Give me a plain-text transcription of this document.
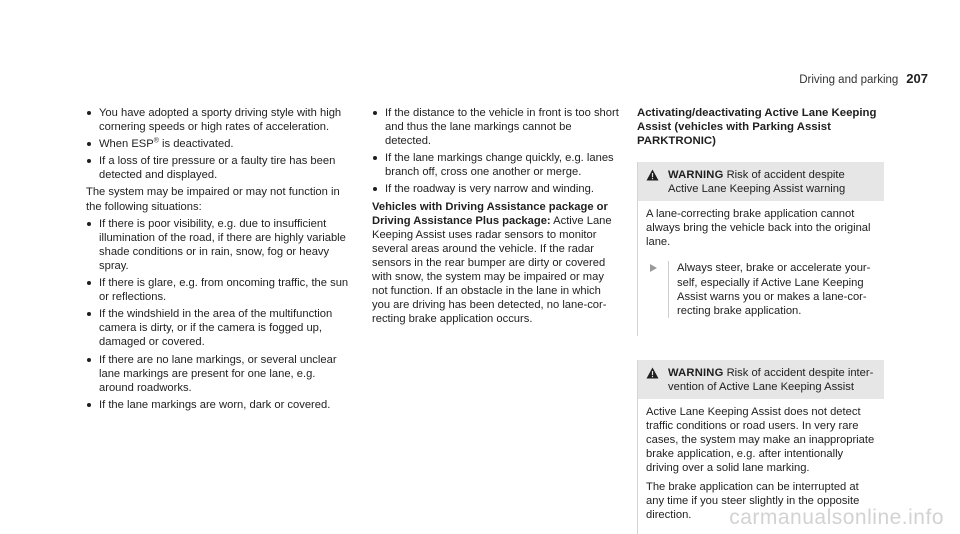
Driving and parking 207
You have adopted a sporty driving style with high cornering speeds or high rates of acceleration.
When ESP® is deactivated.
If a loss of tire pressure or a faulty tire has been detected and displayed.

The system may be impaired or may not function in the following situations:

If there is poor visibility, e.g. due to insufficient illumination of the road, if there are highly variable shade conditions or in rain, snow, fog or heavy spray.
If there is glare, e.g. from oncoming traffic, the sun or reflections.
If the windshield in the area of the multifunction camera is dirty, or if the camera is fogged up, damaged or covered.
If there are no lane markings, or several unclear lane markings are present for one lane, e.g. around roadworks.
If the lane markings are worn, dark or covered.
If the distance to the vehicle in front is too short and thus the lane markings cannot be detected.
If the lane markings change quickly, e.g. lanes branch off, cross one another or merge.
If the roadway is very narrow and winding.

Vehicles with Driving Assistance package or Driving Assistance Plus package: Active Lane Keeping Assist uses radar sensors to monitor several areas around the vehicle. If the radar sensors in the rear bumper are dirty or covered with snow, the system may be impaired or may not function. If an obstacle in the lane in which you are driving has been detected, no lane-correcting brake application occurs.

Activating/deactivating Active Lane Keeping Assist (vehicles with Parking Assist PARKTRONIC)
WARNING Risk of accident despite Active Lane Keeping Assist warning

A lane-correcting brake application cannot always bring the vehicle back into the original lane.

Always steer, brake or accelerate yourself, especially if Active Lane Keeping Assist warns you or makes a lane-correcting brake application.
WARNING Risk of accident despite intervention of Active Lane Keeping Assist

Active Lane Keeping Assist does not detect traffic conditions or road users. In very rare cases, the system may make an inappropriate brake application, e.g. after intentionally driving over a solid lane marking.

The brake application can be interrupted at any time if you steer slightly in the opposite direction.	carmanualsonline.info
